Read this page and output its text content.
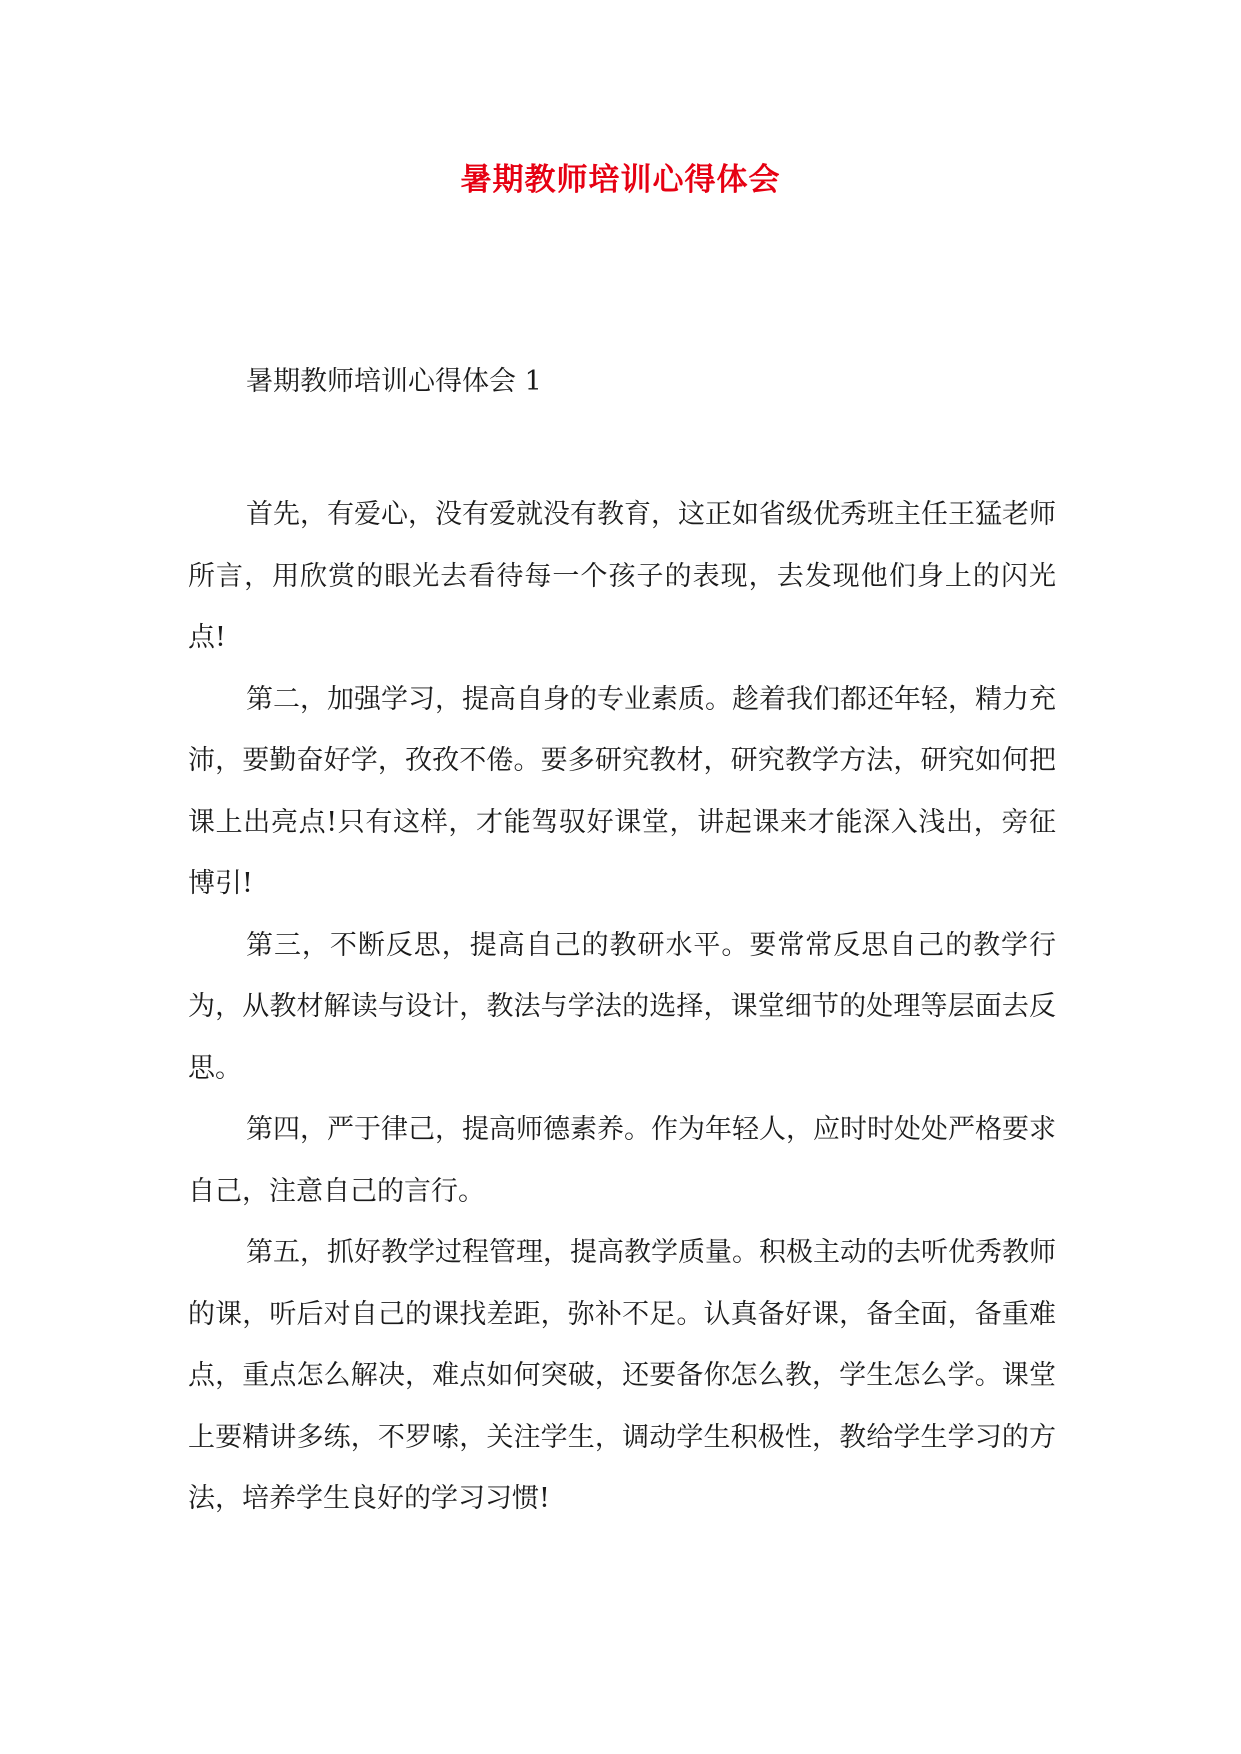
暑期教师培训心得体会
暑期教师培训心得体会 1

首先，有爱心，没有爱就没有教育，这正如省级优秀班主任王猛老师所言，用欣赏的眼光去看待每一个孩子的表现，去发现他们身上的闪光点!

第二，加强学习，提高自身的专业素质。趁着我们都还年轻，精力充沛，要勤奋好学，孜孜不倦。要多研究教材，研究教学方法，研究如何把课上出亮点!只有这样，才能驾驭好课堂，讲起课来才能深入浅出，旁征博引!

第三，不断反思，提高自己的教研水平。要常常反思自己的教学行为，从教材解读与设计，教法与学法的选择，课堂细节的处理等层面去反思。

第四，严于律己，提高师德素养。作为年轻人，应时时处处严格要求自己，注意自己的言行。

第五，抓好教学过程管理，提高教学质量。积极主动的去听优秀教师的课，听后对自己的课找差距，弥补不足。认真备好课，备全面，备重难点，重点怎么解决，难点如何突破，还要备你怎么教，学生怎么学。课堂上要精讲多练，不罗嗦，关注学生，调动学生积极性，教给学生学习的方法，培养学生良好的学习习惯!
